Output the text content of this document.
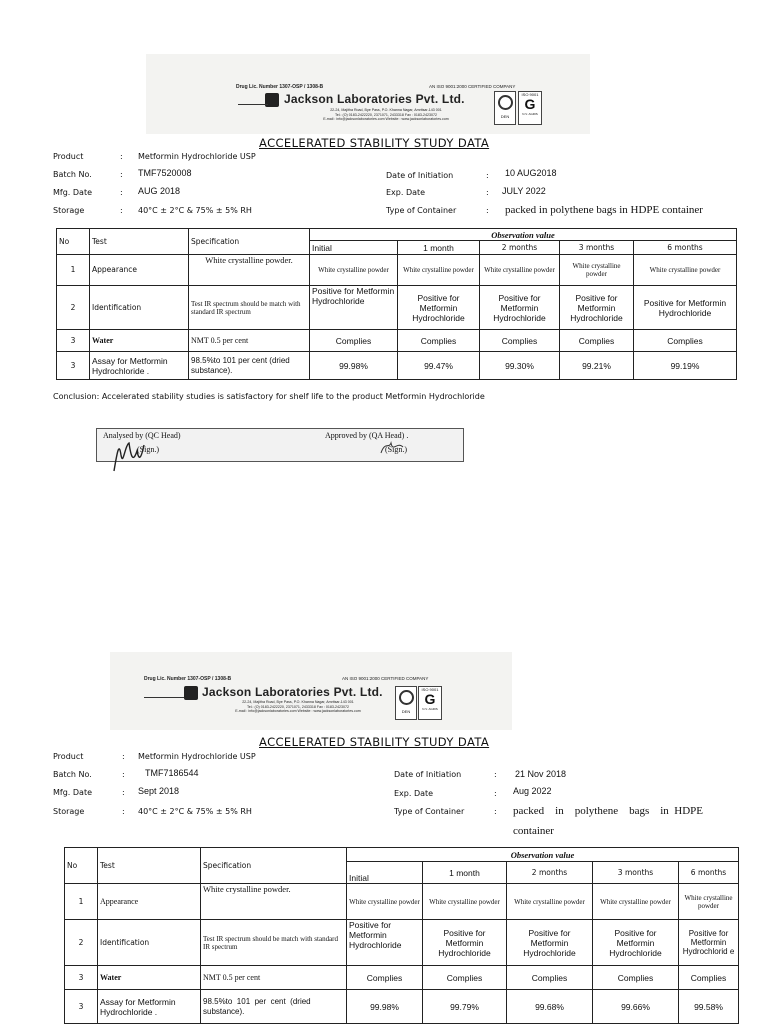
Drug Lic. Number 1307-OSP / 1308-B	AN ISO 9001:2000 CERTIFIED COMPANY
Jackson Laboratories Pvt. Ltd.
22-24, Majitha Road, Bye Pass, P.O. Khanna Nagar, Amritsar-143 001
Tel.: (O) 0183-2422220, 2371071, 2433318 Fax : 0183-2423072
E-mail : info@jacksonlaboratories.com Website : www.jacksonlaboratories.com	DEN
ISO 9001
G
N.V. AGRIS
ACCELERATED STABILITY STUDY DATA
Product	: Metformin Hydrochloride USP
Batch No.	: TMF7520008
Mfg. Date	: AUG 2018
Storage	: 40°C ± 2°C & 75% ± 5% RH
Date of Initiation	: 10 AUG2018
Exp. Date	: JULY 2022
Type of Container	: packed in polythene bags in HDPE container
No	Test	Specification	Observation value				
			Initial	1 month	2 months	3 months	6 months
1	Appearance	White crystalline powder.	White crystalline powder	White crystalline powder	White crystalline powder	White crystalline powder	White crystalline powder
2	Identification	Test IR spectrum should be match with standard IR spectrum	Positive for Metformin Hydrochloride	Positive for Metformin Hydrochloride	Positive for Metformin Hydrochloride	Positive for Metformin Hydrochloride	Positive for Metformin Hydrochloride
3	Water	NMT 0.5 per cent	Complies	Complies	Complies	Complies	Complies
3	Assay for Metformin Hydrochloride .	98.5%to 101 per cent (dried substance).	99.98%	99.47%	99.30%	99.21%	99.19%
Conclusion: Accelerated stability studies is satisfactory for shelf life to the product Metformin Hydrochloride
Analysed by (QC Head)
(Sign.)
Approved by (QA Head) .
(Sign.)
Drug Lic. Number 1307-OSP / 1308-B	AN ISO 9001:2000 CERTIFIED COMPANY
Jackson Laboratories Pvt. Ltd.
22-24, Majitha Road, Bye Pass, P.O. Khanna Nagar, Amritsar-143 001
Tel.: (O) 0183-2422220, 2371071, 2433318 Fax : 0183-2423072
E-mail : info@jacksonlaboratories.com Website : www.jacksonlaboratories.com	DEN
ISO 9001
G
N.V. AGRIS
ACCELERATED STABILITY STUDY DATA
Product	: Metformin Hydrochloride USP
Batch No.	: TMF7186544
Mfg. Date	: Sept 2018
Storage	: 40°C ± 2°C & 75% ± 5% RH
Date of Initiation	: 21 Nov 2018
Exp. Date	: Aug 2022
Type of Container	: packed    in    polythene    bags    in  HDPE
container
No	Test	Specification	Observation value				
			Initial	1 month	2 months	3 months	6 months
1	Appearance	White crystalline powder.	White crystalline powder	White crystalline powder	White crystalline powder	White crystalline powder	White crystalline powder
2	Identification	Test IR spectrum should be match with standard IR spectrum	Positive for Metformin Hydrochloride	Positive for Metformin Hydrochloride	Positive for Metformin Hydrochloride	Positive for Metformin Hydrochloride	Positive for Metformin Hydrochlorid e
3	Water	NMT 0.5 per cent	Complies	Complies	Complies	Complies	Complies
3	Assay for Metformin Hydrochloride .	98.5%to  101  per  cent  (dried substance).	99.98%	99.79%	99.68%	99.66%	99.58%
